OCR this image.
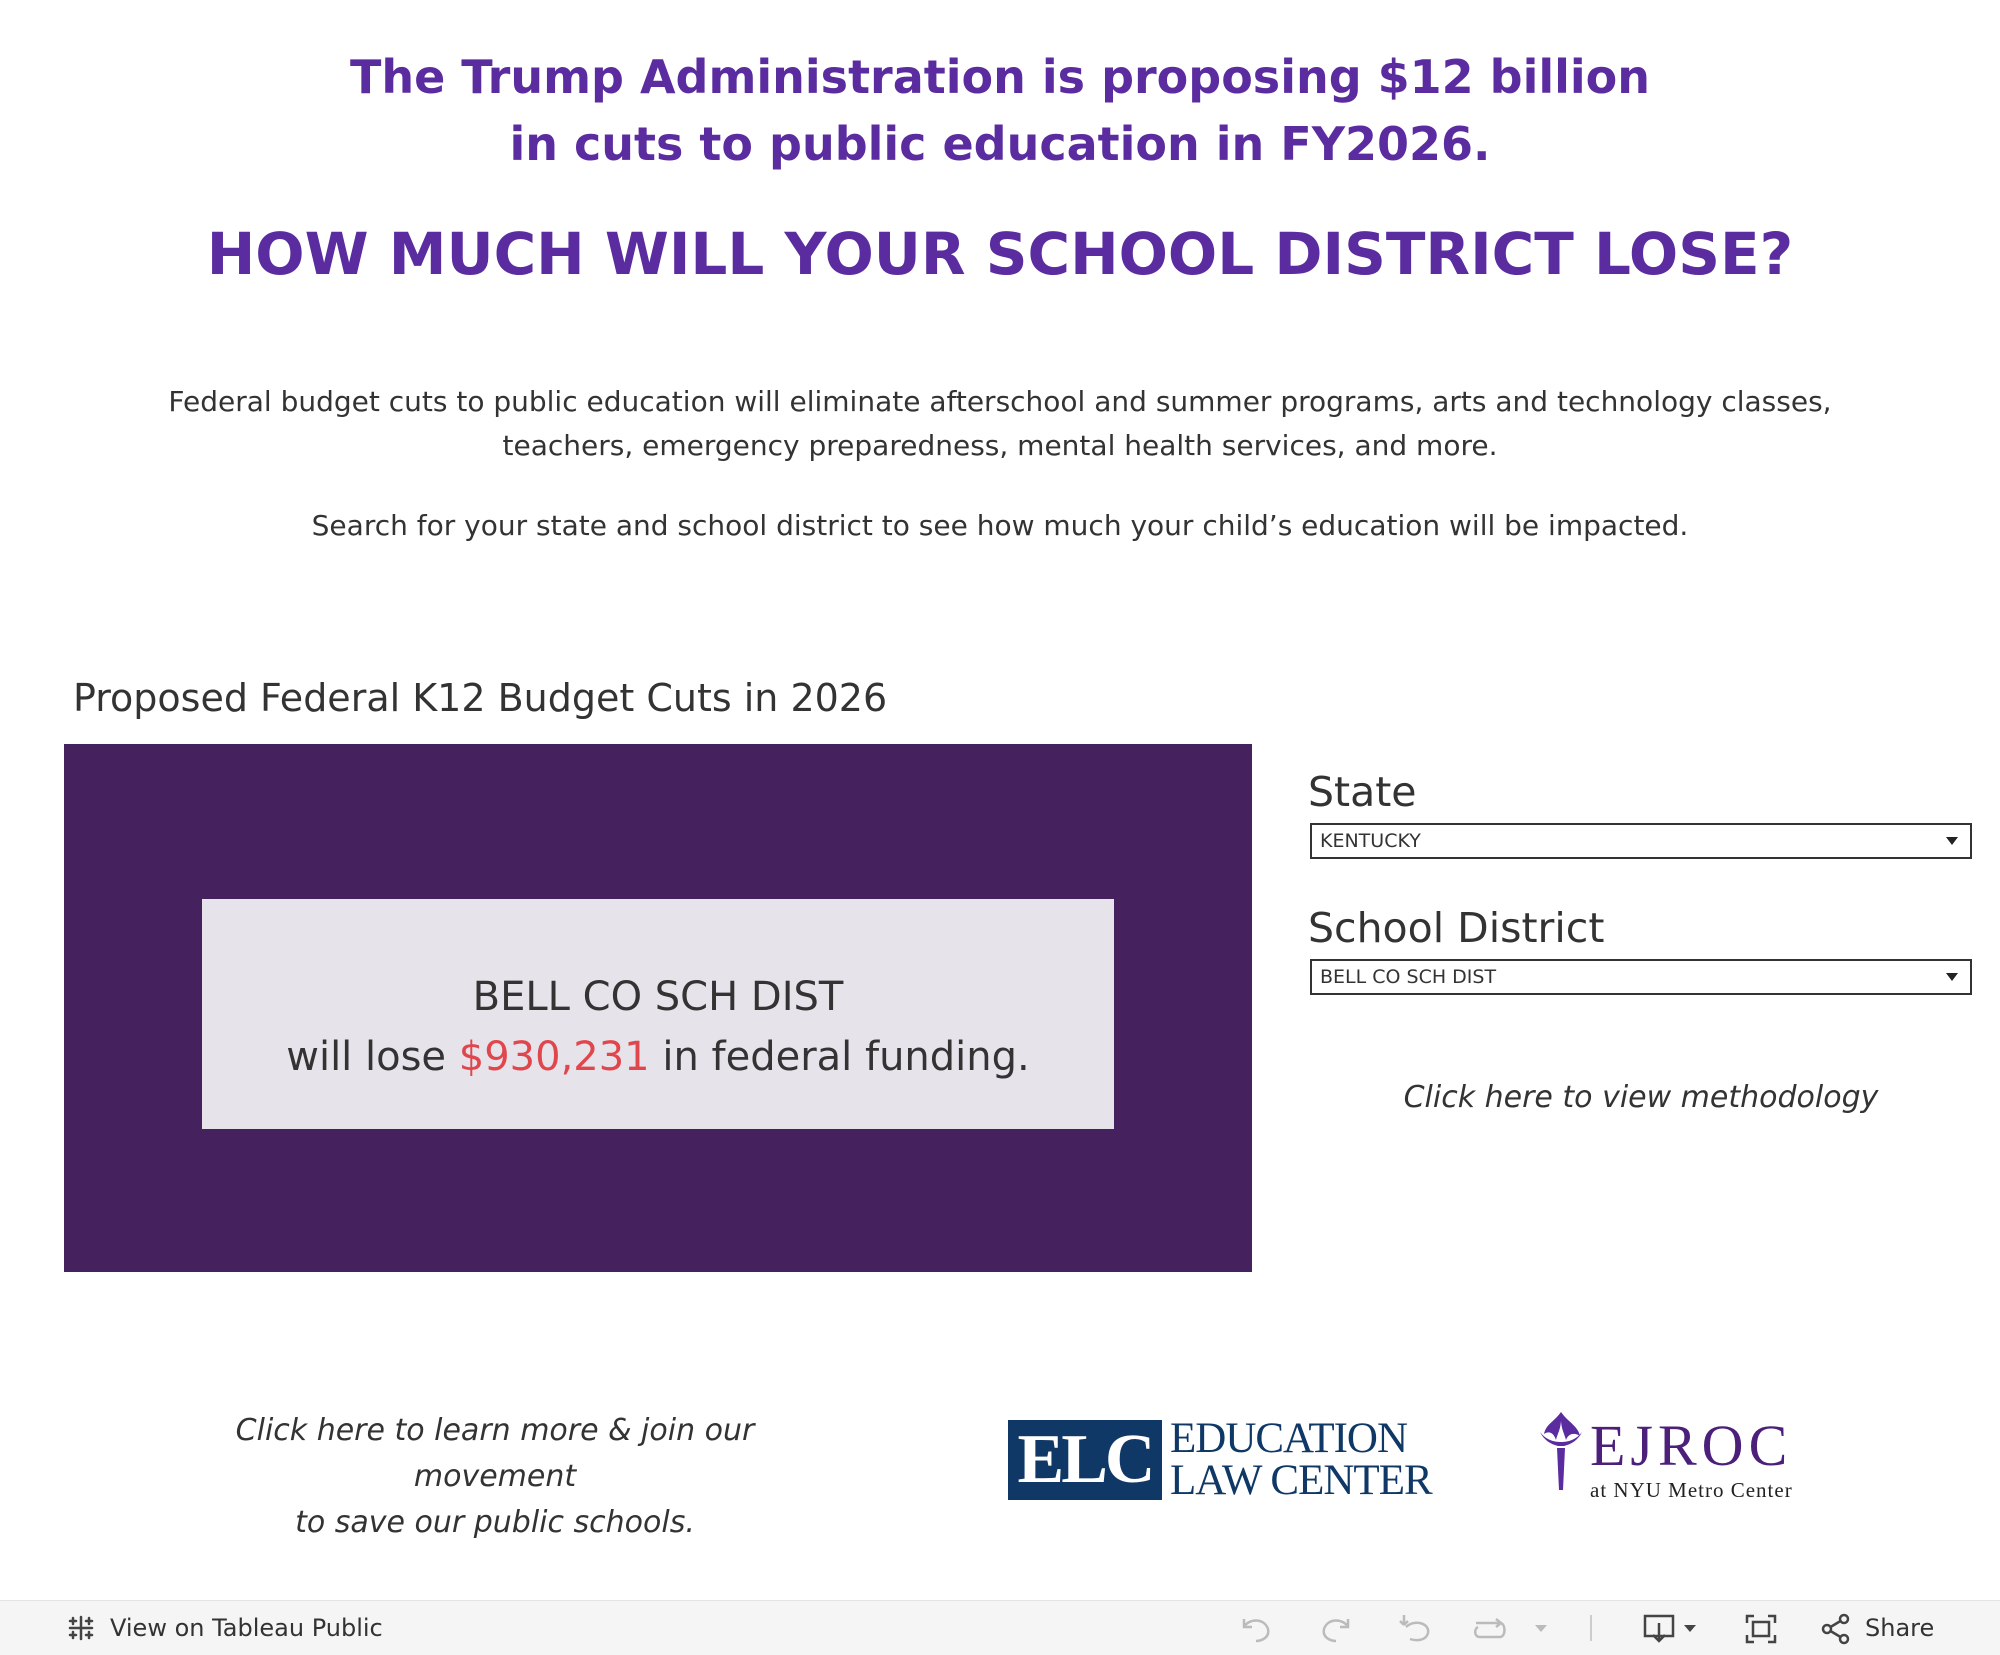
The Trump Administration is proposing $12 billion
in cuts to public education in FY2026.
HOW MUCH WILL YOUR SCHOOL DISTRICT LOSE?
Federal budget cuts to public education will eliminate afterschool and summer programs, arts and technology classes,
teachers, emergency preparedness, mental health services, and more.
Search for your state and school district to see how much your child’s education will be impacted.
Proposed Federal K12 Budget Cuts in 2026
BELL CO SCH DIST
will lose $930,231 in federal funding.
State
KENTUCKY
School District
BELL CO SCH DIST
Click here to view methodology
Click here to learn more & join our movement
to save our public schools.
ELC EDUCATION
LAW CENTER
EJROC
at NYU Metro Center
View on Tableau Public	Share
